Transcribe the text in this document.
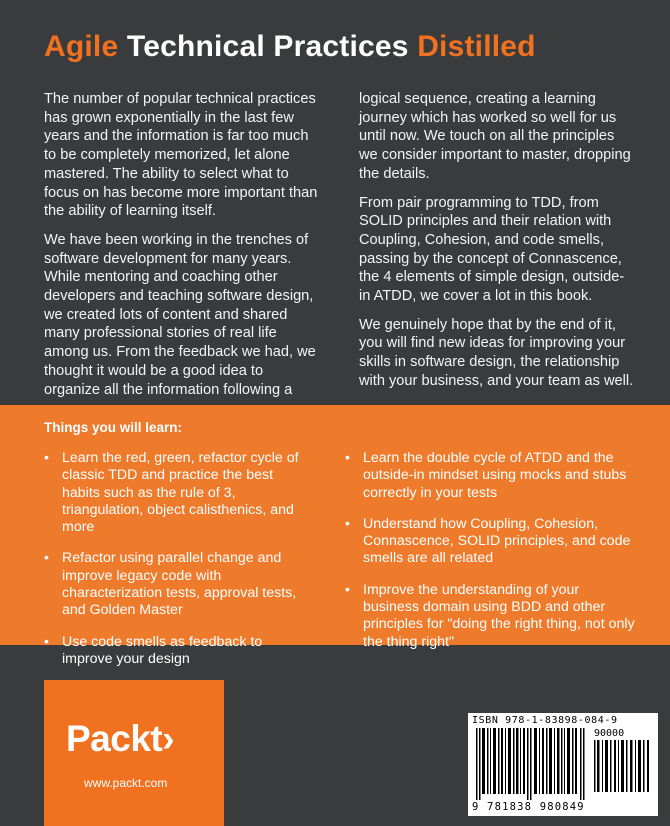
Agile Technical Practices Distilled

The number of popular technical practices has grown exponentially in the last few years and the information is far too much to be completely memorized, let alone mastered. The ability to select what to focus on has become more important than the ability of learning itself.

We have been working in the trenches of software development for many years. While mentoring and coaching other developers and teaching software design, we created lots of content and shared many professional stories of real life among us. From the feedback we had, we thought it would be a good idea to organize all the information following a logical sequence, creating a learning journey which has worked so well for us until now. We touch on all the principles we consider important to master, dropping the details.

From pair programming to TDD, from SOLID principles and their relation with Coupling, Cohesion, and code smells, passing by the concept of Connascence, the 4 elements of simple design, outside-in ATDD, we cover a lot in this book.

We genuinely hope that by the end of it, you will find new ideas for improving your skills in software design, the relationship with your business, and your team as well.

Things you will learn:
• Learn the red, green, refactor cycle of classic TDD and practice the best habits such as the rule of 3, triangulation, object calisthenics, and more
• Refactor using parallel change and improve legacy code with characterization tests, approval tests, and Golden Master
• Use code smells as feedback to improve your design
• Learn the double cycle of ATDD and the outside-in mindset using mocks and stubs correctly in your tests
• Understand how Coupling, Cohesion, Connascence, SOLID principles, and code smells are all related
• Improve the understanding of your business domain using BDD and other principles for "doing the right thing, not only the thing right"
Packt›
www.packt.com
ISBN 978-1-83898-084-9
90000
9 781838 980849
